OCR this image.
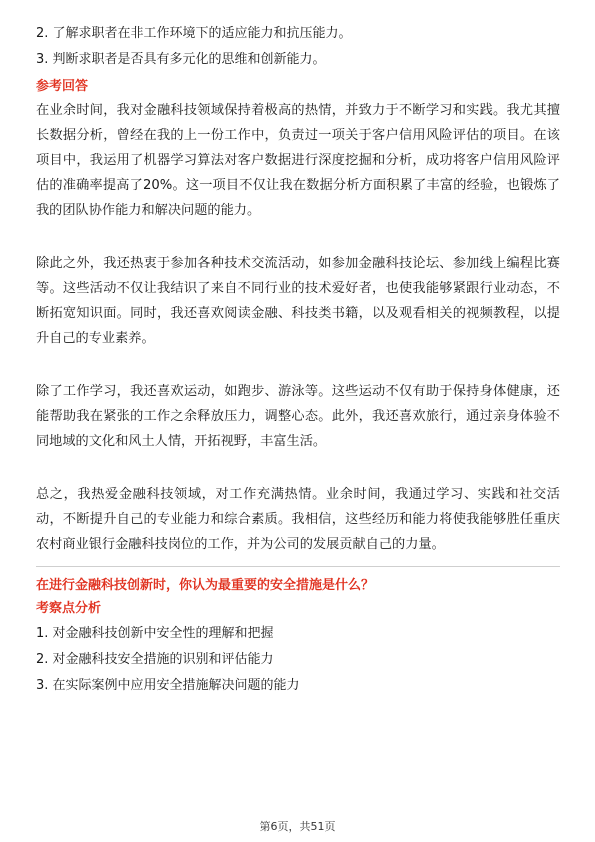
2. 了解求职者在非工作环境下的适应能力和抗压能力。
3. 判断求职者是否具有多元化的思维和创新能力。
参考回答

在业余时间，我对金融科技领域保持着极高的热情，并致力于不断学习和实践。我尤其擅长数据分析，曾经在我的上一份工作中，负责过一项关于客户信用风险评估的项目。在该项目中，我运用了机器学习算法对客户数据进行深度挖掘和分析，成功将客户信用风险评估的准确率提高了20%。这一项目不仅让我在数据分析方面积累了丰富的经验，也锻炼了我的团队协作能力和解决问题的能力。

除此之外，我还热衷于参加各种技术交流活动，如参加金融科技论坛、参加线上编程比赛等。这些活动不仅让我结识了来自不同行业的技术爱好者，也使我能够紧跟行业动态，不断拓宽知识面。同时，我还喜欢阅读金融、科技类书籍，以及观看相关的视频教程，以提升自己的专业素养。

除了工作学习，我还喜欢运动，如跑步、游泳等。这些运动不仅有助于保持身体健康，还能帮助我在紧张的工作之余释放压力，调整心态。此外，我还喜欢旅行，通过亲身体验不同地域的文化和风土人情，开拓视野，丰富生活。

总之，我热爱金融科技领域，对工作充满热情。业余时间，我通过学习、实践和社交活动，不断提升自己的专业能力和综合素质。我相信，这些经历和能力将使我能够胜任重庆农村商业银行金融科技岗位的工作，并为公司的发展贡献自己的力量。

在进行金融科技创新时，你认为最重要的安全措施是什么？
考察点分析
1. 对金融科技创新中安全性的理解和把握
2. 对金融科技安全措施的识别和评估能力
3. 在实际案例中应用安全措施解决问题的能力
第6页，共51页
